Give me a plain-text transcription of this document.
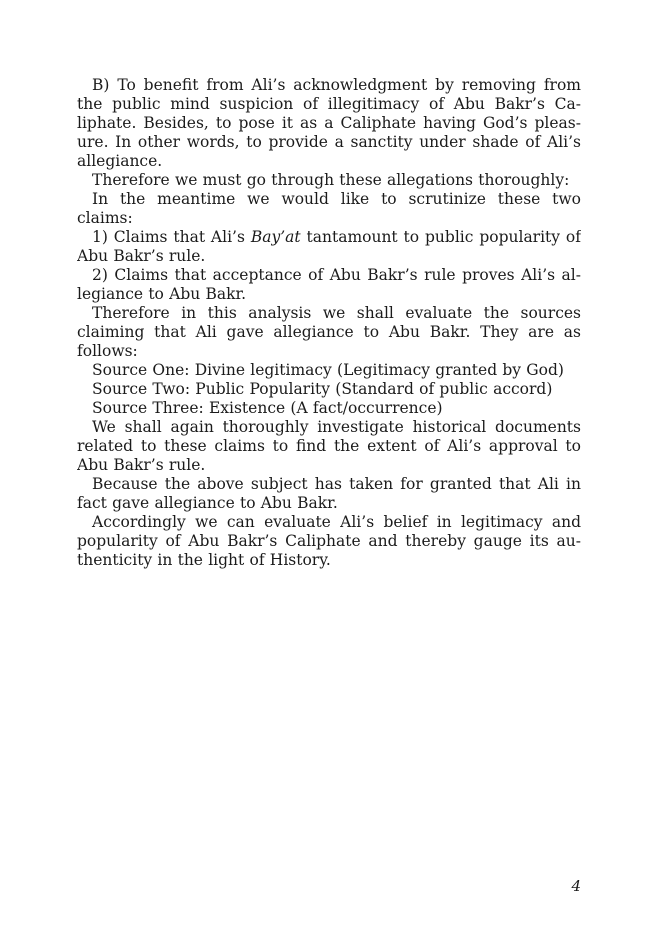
B) To benefit from Ali’s acknowledgment by removing from
the public mind suspicion of illegitimacy of Abu Bakr’s Ca-
liphate. Besides, to pose it as a Caliphate having God’s pleas-
ure. In other words, to provide a sanctity under shade of Ali’s
allegiance.
Therefore we must go through these allegations thoroughly:
In the meantime we would like to scrutinize these two
claims:
1) Claims that Ali’s Bay’at tantamount to public popularity of
Abu Bakr’s rule.
2) Claims that acceptance of Abu Bakr’s rule proves Ali’s al-
legiance to Abu Bakr.
Therefore in this analysis we shall evaluate the sources
claiming that Ali gave allegiance to Abu Bakr. They are as
follows:
Source One: Divine legitimacy (Legitimacy granted by God)
Source Two: Public Popularity (Standard of public accord)
Source Three: Existence (A fact/occurrence)
We shall again thoroughly investigate historical documents
related to these claims to find the extent of Ali’s approval to
Abu Bakr’s rule.
Because the above subject has taken for granted that Ali in
fact gave allegiance to Abu Bakr.
Accordingly we can evaluate Ali’s belief in legitimacy and
popularity of Abu Bakr’s Caliphate and thereby gauge its au-
thenticity in the light of History.
4
